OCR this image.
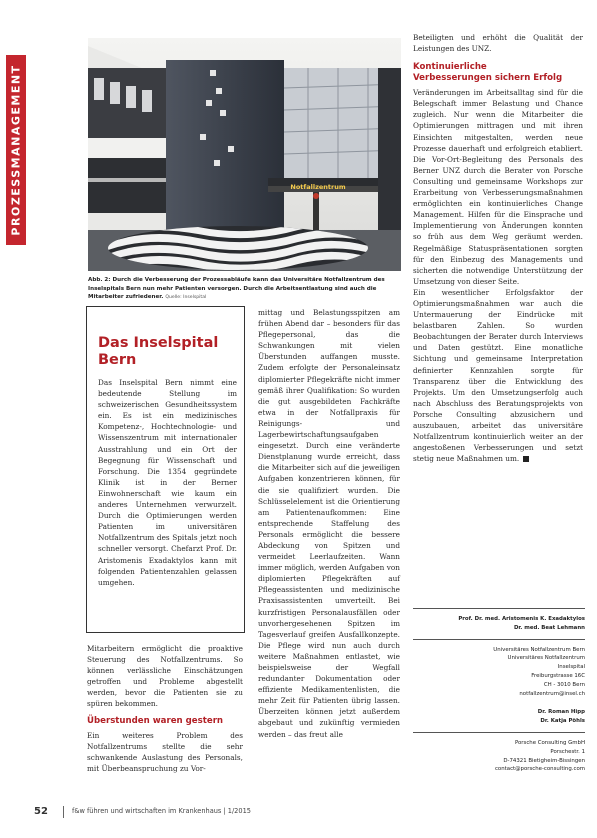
PROZESSMANAGEMENT	Notfallzentrum
Abb. 2: Durch die Verbesserung der Prozessabläufe kann das Universitäre Notfallzentrum des Inselspitals Bern nun mehr Patienten versorgen. Durch die Arbeitsentlastung sind auch die Mitarbeiter zufriedener. Quelle: Inselspital
Das Inselspital Bern
Das Inselspital Bern nimmt eine bedeutende Stellung im schweizerischen Gesundheitssystem ein. Es ist ein medizinisches Kompetenz-, Hochtechnologie- und Wissenszentrum mit internationaler Ausstrahlung und ein Ort der Begegnung für Wissenschaft und Forschung. Die 1354 gegründete Klinik ist in der Berner Einwohnerschaft wie kaum ein anderes Unternehmen verwurzelt. Durch die Optimierungen werden Patienten im universitären Notfallzentrum des Spitals jetzt noch schneller versorgt. Chefarzt Prof. Dr. Aristomenis Exadaktylos kann mit folgenden Patientenzahlen gelassen umgehen.

Mitarbeitern ermöglicht die proaktive Steuerung des Notfallzentrums. So können verlässliche Einschätzungen getroffen und Probleme abgestellt werden, bevor die Patienten sie zu spüren bekommen.

Überstunden waren gestern

Ein weiteres Problem des Notfallzentrums stellte die sehr schwankende Auslastung des Personals, mit Überbeanspruchung zu Vor-

mittag und Belastungsspitzen am frühen Abend dar – besonders für das Pflegepersonal, das die Schwankungen mit vielen Überstunden auffangen musste. Zudem erfolgte der Personaleinsatz diplomierter Pflegekräfte nicht immer gemäß ihrer Qualifikation: So wurden die gut ausgebildeten Fachkräfte etwa in der Notfallpraxis für Reinigungs- und Lagerbewirtschaftungsaufgaben eingesetzt. Durch eine veränderte Dienstplanung wurde erreicht, dass die Mitarbeiter sich auf die jeweiligen Aufgaben konzentrieren können, für die sie qualifiziert wurden. Die Schlüsselelement ist die Orientierung am Patientenaufkommen: Eine entsprechende Staffelung des Personals ermöglicht die bessere Abdeckung von Spitzen und vermeidet Leerlaufzeiten. Wann immer möglich, werden Aufgaben von diplomierten Pflegekräften auf Pflegeassistenten und medizinische Praxisassistenten umverteilt. Bei kurzfristigen Personalausfällen oder unvorhergesehenen Spitzen im Tagesverlauf greifen Ausfallkonzepte. Die Pflege wird nun auch durch weitere Maßnahmen entlastet, wie beispielsweise der Wegfall redundanter Dokumentation oder effiziente Medikamentenlisten, die mehr Zeit für Patienten übrig lassen. Überzeiten können jetzt außerdem abgebaut und zukünftig vermieden werden – das freut alle

Beteiligten und erhöht die Qualität der Leistungen des UNZ.

Kontinuierliche
Verbesserungen sichern Erfolg

Veränderungen im Arbeitsalltag sind für die Belegschaft immer Belastung und Chance zugleich. Nur wenn die Mitarbeiter die Optimierungen mittragen und mit ihren Einsichten mitgestalten, werden neue Prozesse dauerhaft und erfolgreich etabliert. Die Vor-Ort-Begleitung des Personals des Berner UNZ durch die Berater von Porsche Consulting und gemeinsame Workshops zur Erarbeitung von Verbesserungsmaßnahmen ermöglichten ein kontinuierliches Change Management. Hilfen für die Einsprache und Implementierung von Änderungen konnten so früh aus dem Weg geräumt werden. Regelmäßige Statuspräsentationen sorgten für den Einbezug des Managements und sicherten die notwendige Unterstützung der Umsetzung von dieser Seite.

Ein wesentlicher Erfolgsfaktor der Optimierungsmaßnahmen war auch die Untermauerung der Eindrücke mit belastbaren Zahlen. So wurden Beobachtungen der Berater durch Interviews und Daten gestützt. Eine monatliche Sichtung und gemeinsame Interpretation definierter Kennzahlen sorgte für Transparenz über die Entwicklung des Projekts. Um den Umsetzungserfolg auch nach Abschluss des Beratungsprojekts von Porsche Consulting abzusichern und auszubauen, arbeitet das universitäre Notfallzentrum kontinuierlich weiter an der angestoßenen Verbesserungen und setzt stetig neue Maßnahmen um.

Prof. Dr. med. Aristomenis K. Exadaktylos
Dr. med. Beat Lehmann
Universitäres Notfallzentrum Bern
Universitäres Notfallzentrum
Inselspital
Freiburgstrasse 16C
CH - 3010 Bern
notfallzentrum@insel.ch
Dr. Roman Hipp
Dr. Katja Pöhls
Porsche Consulting GmbH
Porschestr. 1
D-74321 Bietigheim-Bissingen
contact@porsche-consulting.com
52	f&w führen und wirtschaften im Krankenhaus | 1/2015
